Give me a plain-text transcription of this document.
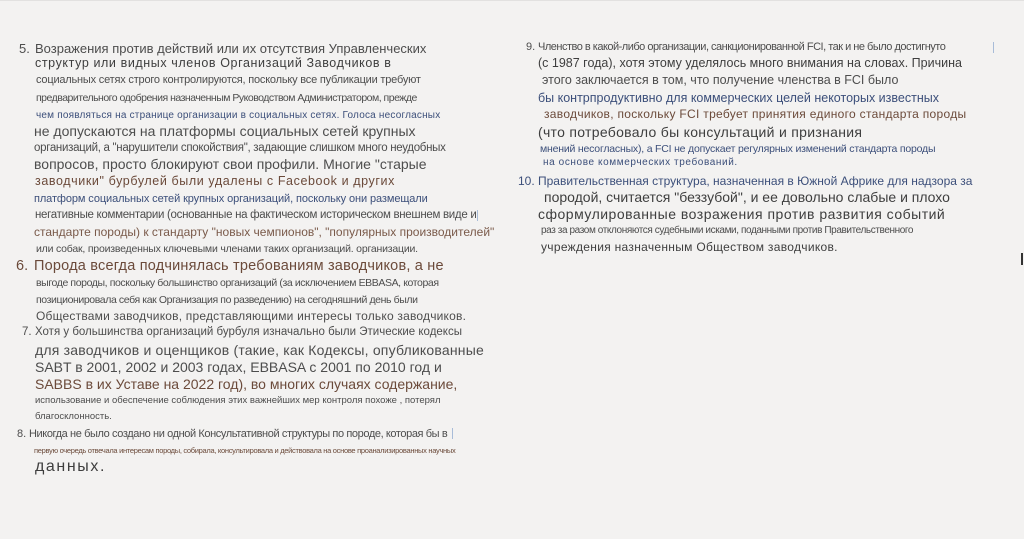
5. Возражения против действий или их отсутствия Управленческих
структур или видных членов Организаций Заводчиков в
социальных сетях строго контролируются, поскольку все публикации требуют
предварительного одобрения назначенным Руководством Администратором, прежде
чем появляться на странице организации в социальных сетях. Голоса несогласных
не допускаются на платформы социальных сетей крупных
организаций, а "нарушители спокойствия", задающие слишком много неудобных
вопросов, просто блокируют свои профили. Многие "старые
заводчики" бурбулей были удалены с Facebook и других
платформ социальных сетей крупных организаций, поскольку они размещали
негативные комментарии (основанные на фактическом историческом внешнем виде и
стандарте породы) к стандарту "новых чемпионов", "популярных производителей"
или собак, произведенных ключевыми членами таких организаций. организации.
6. Порода всегда подчинялась требованиям заводчиков, а не
выгоде породы, поскольку большинство организаций (за исключением EBBASA, которая
позиционировала себя как Организация по разведению) на сегодняшний день были
Обществами заводчиков, представляющими интересы только заводчиков.
7. Хотя у большинства организаций бурбуля изначально были Этические кодексы
для заводчиков и оценщиков (такие, как Кодексы, опубликованные
SABT в 2001, 2002 и 2003 годах, EBBASA с 2001 по 2010 год и
SABBS в их Уставе на 2022 год), во многих случаях содержание,
использование и обеспечение соблюдения этих важнейших мер контроля похоже , потерял
благосклонность.
8. Никогда не было создано ни одной Консультативной структуры по породе, которая бы в
первую очередь отвечала интересам породы, собирала, консультировала и действовала на основе проанализированных научных
данных.
9. Членство в какой-либо организации, санкционированной FCI, так и не было достигнуто
(с 1987 года), хотя этому уделялось много внимания на словах. Причина
этого заключается в том, что получение членства в FCI было
бы контрпродуктивно для коммерческих целей некоторых известных
заводчиков, поскольку FCI требует принятия единого стандарта породы
(что потребовало бы консультаций и признания
мнений несогласных), а FCI не допускает регулярных изменений стандарта породы
на основе коммерческих требований.
10. Правительственная структура, назначенная в Южной Африке для надзора за
породой, считается "беззубой", и ее довольно слабые и плохо
сформулированные возражения против развития событий
раз за разом отклоняются судебными исками, поданными против Правительственного
учреждения назначенным Обществом заводчиков.
